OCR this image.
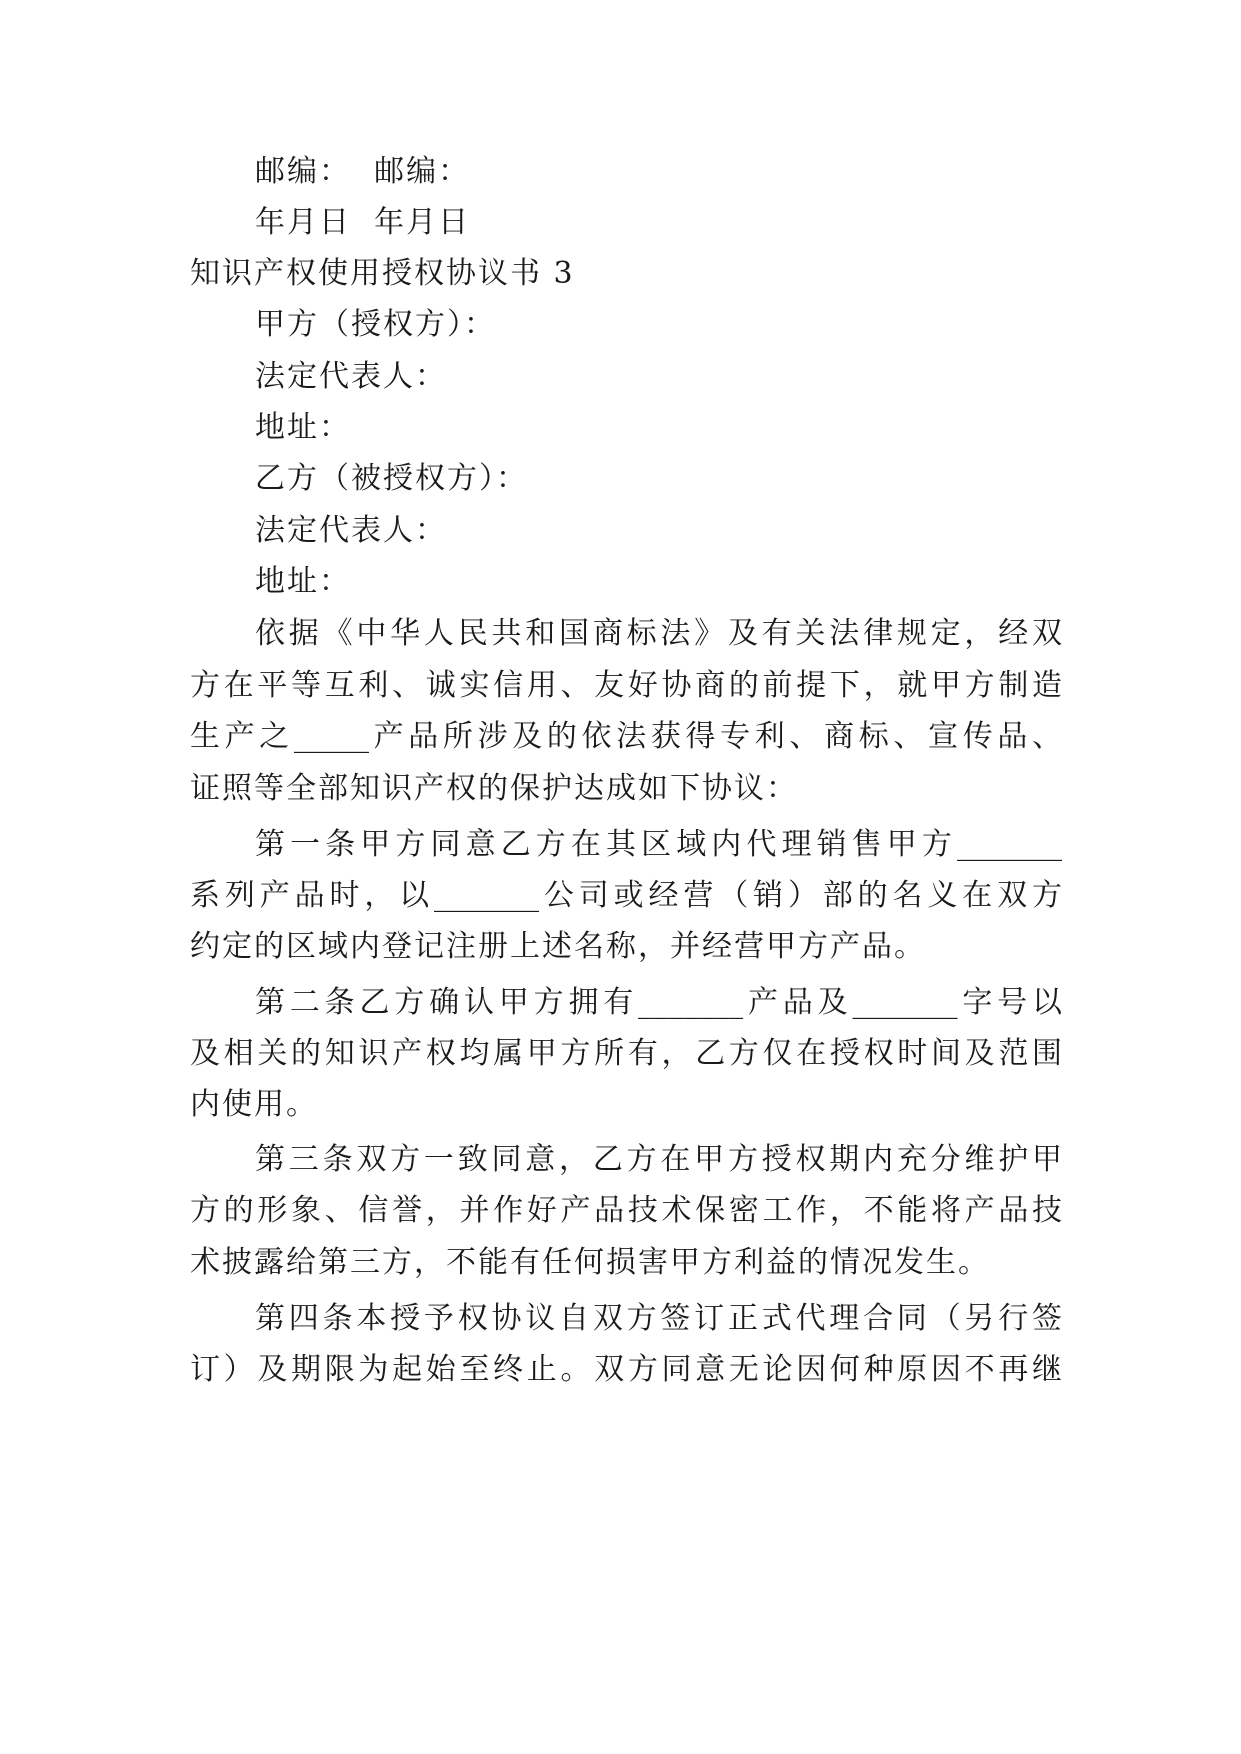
邮编：  邮编：
年月日  年月日
知识产权使用授权协议书 3
甲方（授权方）：
法定代表人：
地址：
乙方（被授权方）：
法定代表人：
地址：
依据《中华人民共和国商标法》及有关法律规定，经双
方在平等互利、诚实信用、友好协商的前提下，就甲方制造
生产之_____产品所涉及的依法获得专利、商标、宣传品、
证照等全部知识产权的保护达成如下协议：
第一条甲方同意乙方在其区域内代理销售甲方_______
系列产品时，以_______公司或经营（销）部的名义在双方
约定的区域内登记注册上述名称，并经营甲方产品。
第二条乙方确认甲方拥有_______产品及_______字号以
及相关的知识产权均属甲方所有，乙方仅在授权时间及范围
内使用。
第三条双方一致同意，乙方在甲方授权期内充分维护甲
方的形象、信誉，并作好产品技术保密工作，不能将产品技
术披露给第三方，不能有任何损害甲方利益的情况发生。
第四条本授予权协议自双方签订正式代理合同（另行签
订）及期限为起始至终止。双方同意无论因何种原因不再继
